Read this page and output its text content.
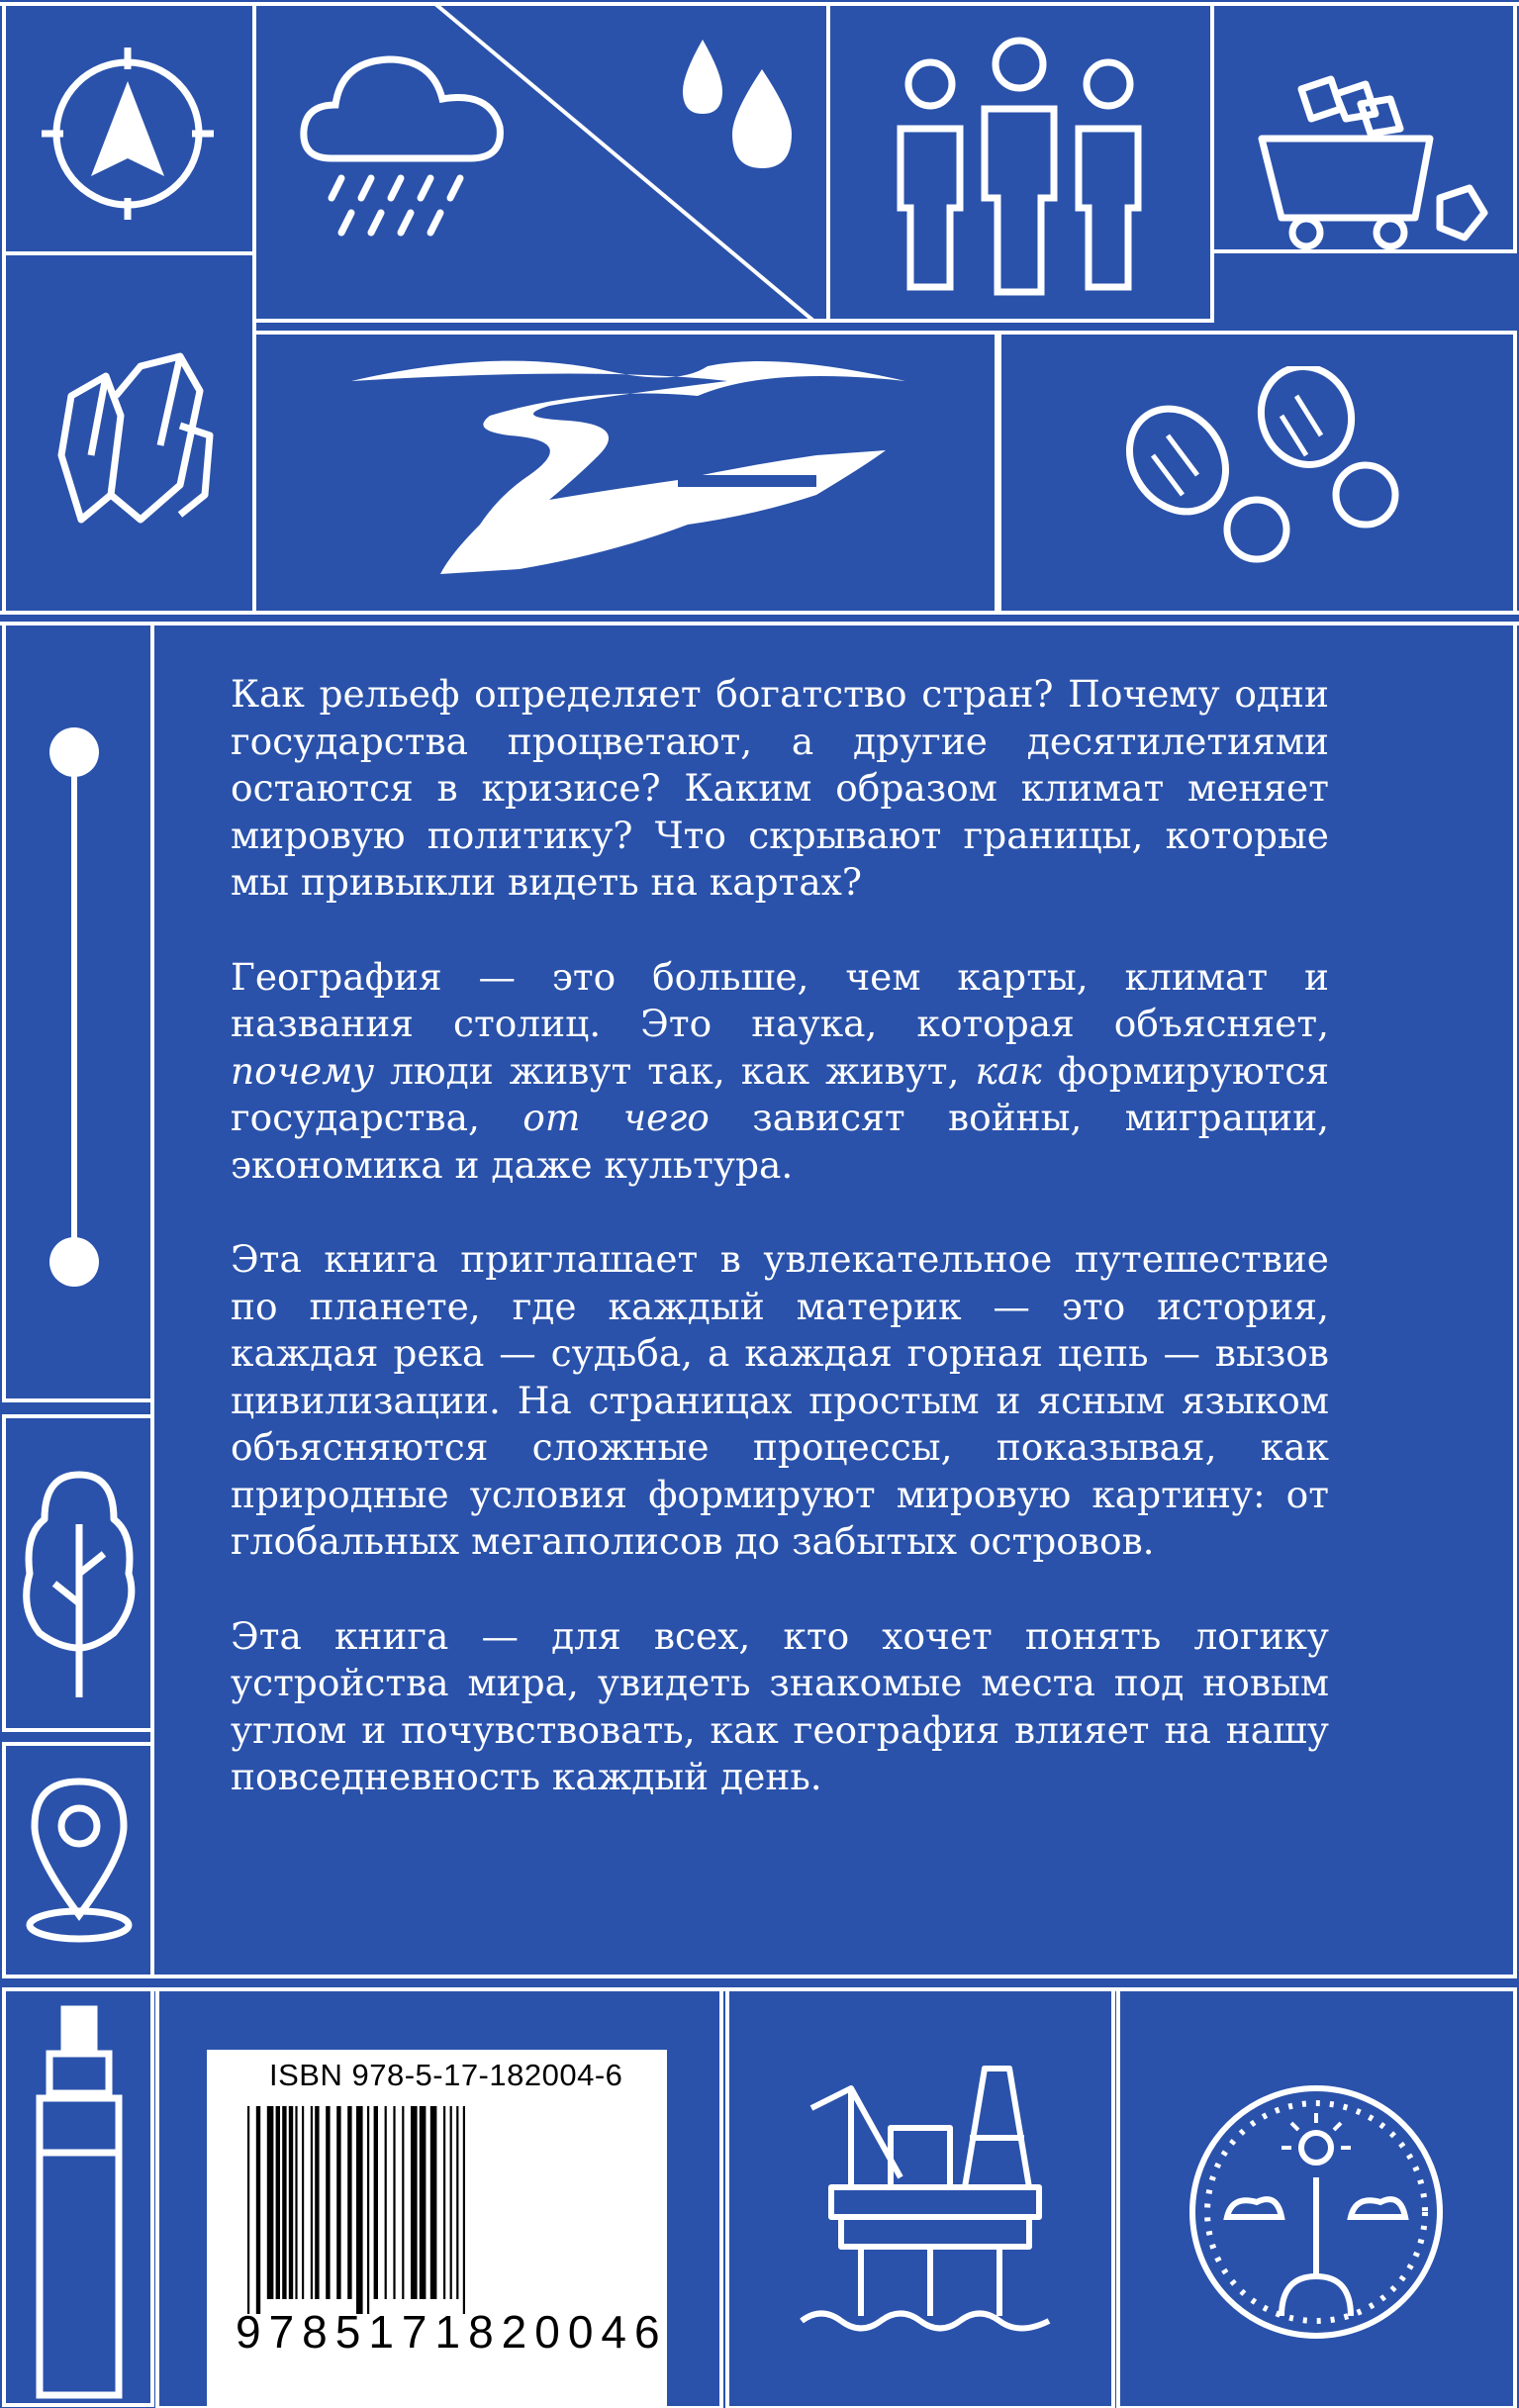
Как рельеф определяет богатство стран? Почему одни государства процветают, а другие десятилетиями остаются в кризисе? Каким образом климат меняет мировую политику? Что скрывают границы, которые мы привыкли видеть на картах?

География — это больше, чем карты, климат и названия столиц. Это наука, которая объясняет, почему люди живут так, как живут, как формируются государства, от чего зависят войны, миграции, экономика и даже культура.

Эта книга приглашает в увлекательное путешествие по планете, где каждый материк — это история, каждая река — судьба, а каждая горная цепь — вызов цивилизации. На страницах простым и ясным языком объясняются сложные процессы, показывая, как природные условия формируют мировую картину: от глобальных мегаполисов до забытых островов.

Эта книга — для всех, кто хочет понять логику устройства мира, увидеть знакомые места под новым углом и почувствовать, как география влияет на нашу повседневность каждый день.

ISBN 978-5-17-182004-6
9785171820046
